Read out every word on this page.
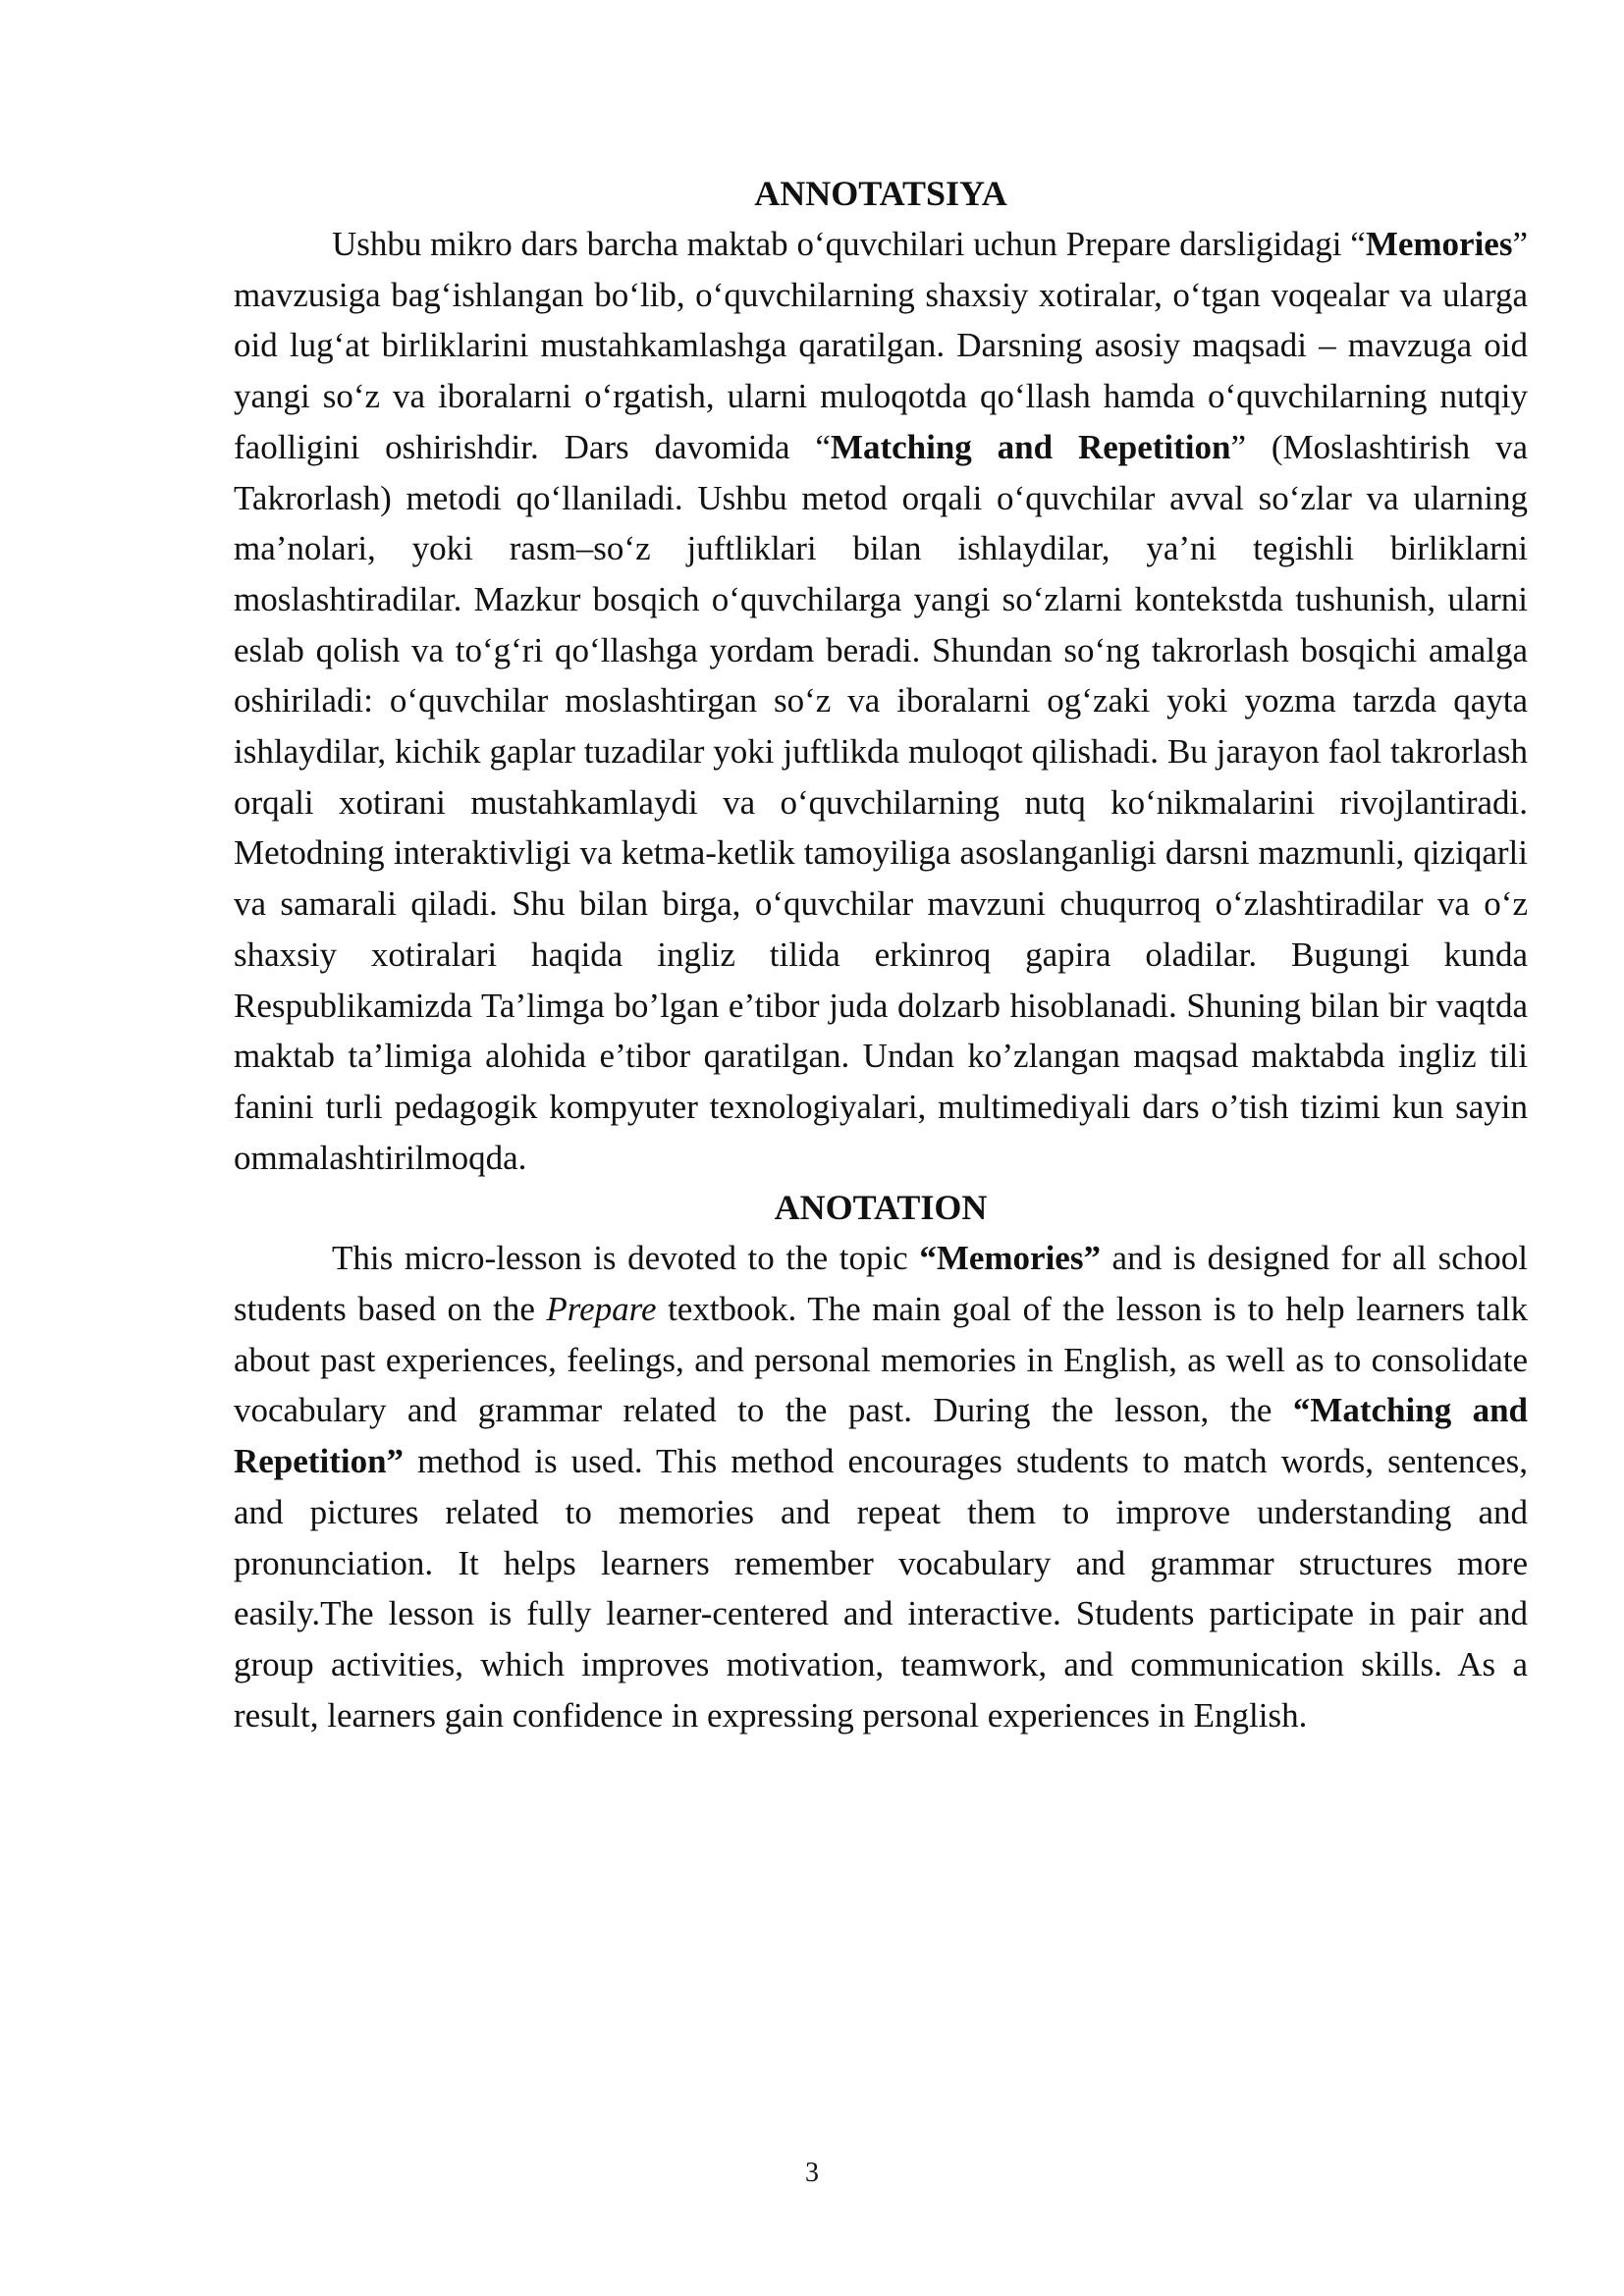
ANNOTATSIYA

Ushbu mikro dars barcha maktab o‘quvchilari uchun Prepare darsligidagi “Memories” mavzusiga bag‘ishlangan bo‘lib, o‘quvchilarning shaxsiy xotiralar, o‘tgan voqealar va ularga oid lug‘at birliklarini mustahkamlashga qaratilgan. Darsning asosiy maqsadi – mavzuga oid yangi so‘z va iboralarni o‘rgatish, ularni muloqotda qo‘llash hamda o‘quvchilarning nutqiy faolligini oshirishdir. Dars davomida “Matching and Repetition” (Moslashtirish va Takrorlash) metodi qo‘llaniladi. Ushbu metod orqali o‘quvchilar avval so‘zlar va ularning ma’nolari, yoki rasm–so‘z juftliklari bilan ishlaydilar, ya’ni tegishli birliklarni moslashtiradilar. Mazkur bosqich o‘quvchilarga yangi so‘zlarni kontekstda tushunish, ularni eslab qolish va to‘g‘ri qo‘llashga yordam beradi. Shundan so‘ng takrorlash bosqichi amalga oshiriladi: o‘quvchilar moslashtirgan so‘z va iboralarni og‘zaki yoki yozma tarzda qayta ishlaydilar, kichik gaplar tuzadilar yoki juftlikda muloqot qilishadi. Bu jarayon faol takrorlash orqali xotirani mustahkamlaydi va o‘quvchilarning nutq ko‘nikmalarini rivojlantiradi. Metodning interaktivligi va ketma-ketlik tamoyiliga asoslanganligi darsni mazmunli, qiziqarli va samarali qiladi. Shu bilan birga, o‘quvchilar mavzuni chuqurroq o‘zlashtiradilar va o‘z shaxsiy xotiralari haqida ingliz tilida erkinroq gapira oladilar. Bugungi kunda Respublikamizda Ta’limga bo’lgan e’tibor juda dolzarb hisoblanadi. Shuning bilan bir vaqtda maktab ta’limiga alohida e’tibor qaratilgan. Undan ko’zlangan maqsad maktabda ingliz tili fanini turli pedagogik kompyuter texnologiyalari, multimediyali dars o’tish tizimi kun sayin ommalashtirilmoqda.

ANOTATION

This micro-lesson is devoted to the topic “Memories” and is designed for all school students based on the Prepare textbook. The main goal of the lesson is to help learners talk about past experiences, feelings, and personal memories in English, as well as to consolidate vocabulary and grammar related to the past. During the lesson, the “Matching and Repetition” method is used. This method encourages students to match words, sentences, and pictures related to memories and repeat them to improve understanding and pronunciation. It helps learners remember vocabulary and grammar structures more easily.The lesson is fully learner-centered and interactive. Students participate in pair and group activities, which improves motivation, teamwork, and communication skills. As a result, learners gain confidence in expressing personal experiences in English.

3
